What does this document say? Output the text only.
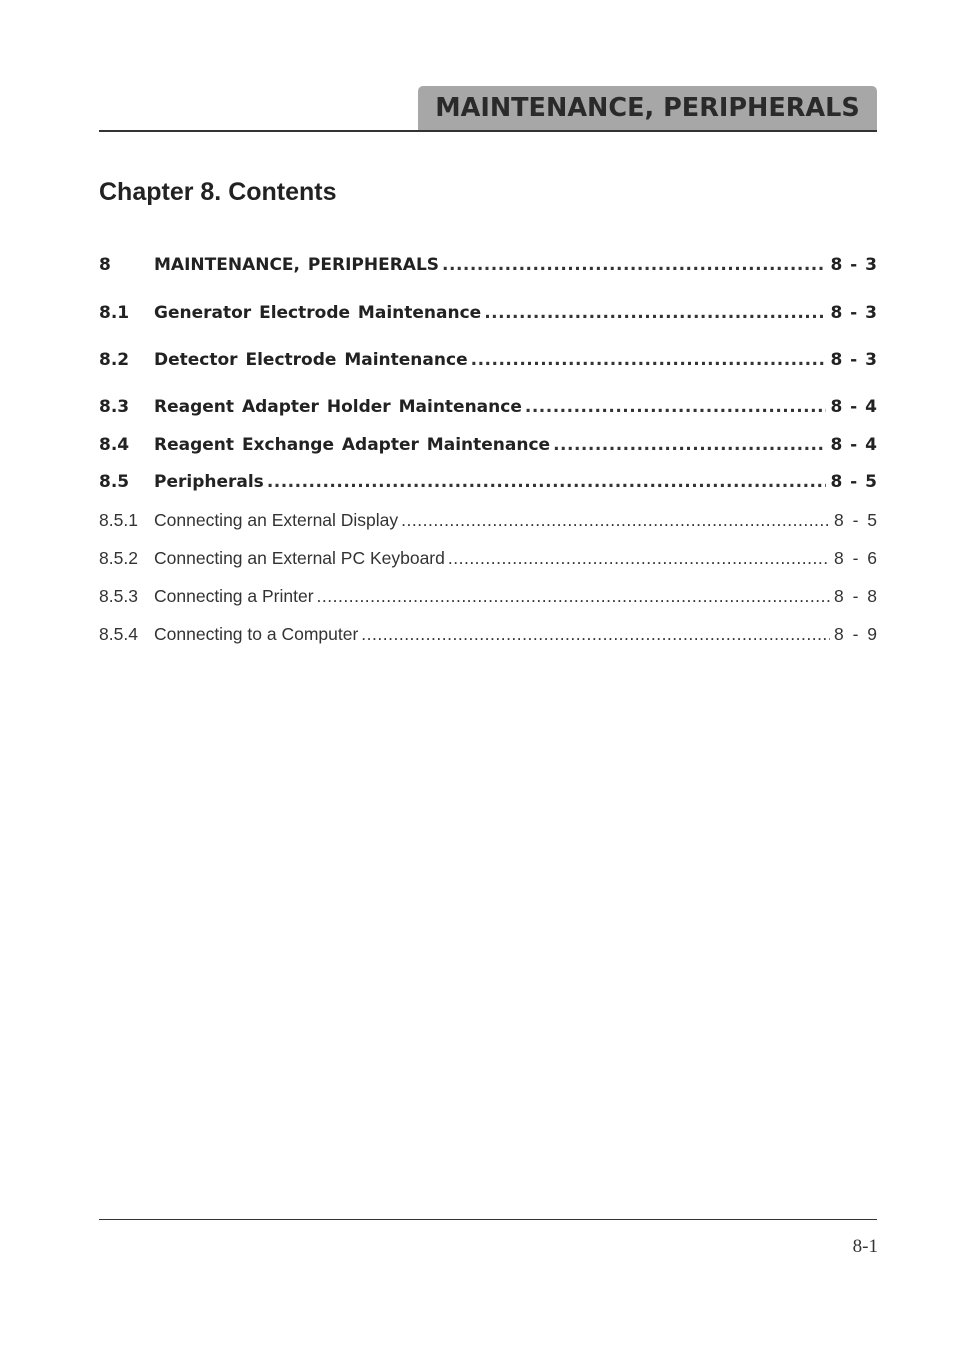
MAINTENANCE, PERIPHERALS
Chapter 8. Contents
8	MAINTENANCE, PERIPHERALS .....	8 - 3
8.1	Generator Electrode Maintenance .....	8 - 3
8.2	Detector Electrode Maintenance .....	8 - 3
8.3	Reagent Adapter Holder Maintenance .....	8 - 4
8.4	Reagent Exchange Adapter Maintenance .....	8 - 4
8.5	Peripherals .....	8 - 5
8.5.1 Connecting an External Display .....	8 - 5
8.5.2 Connecting an External PC Keyboard .....	8 - 6
8.5.3 Connecting a Printer .....	8 - 8
8.5.4 Connecting to a Computer .....	8 - 9
8-1
